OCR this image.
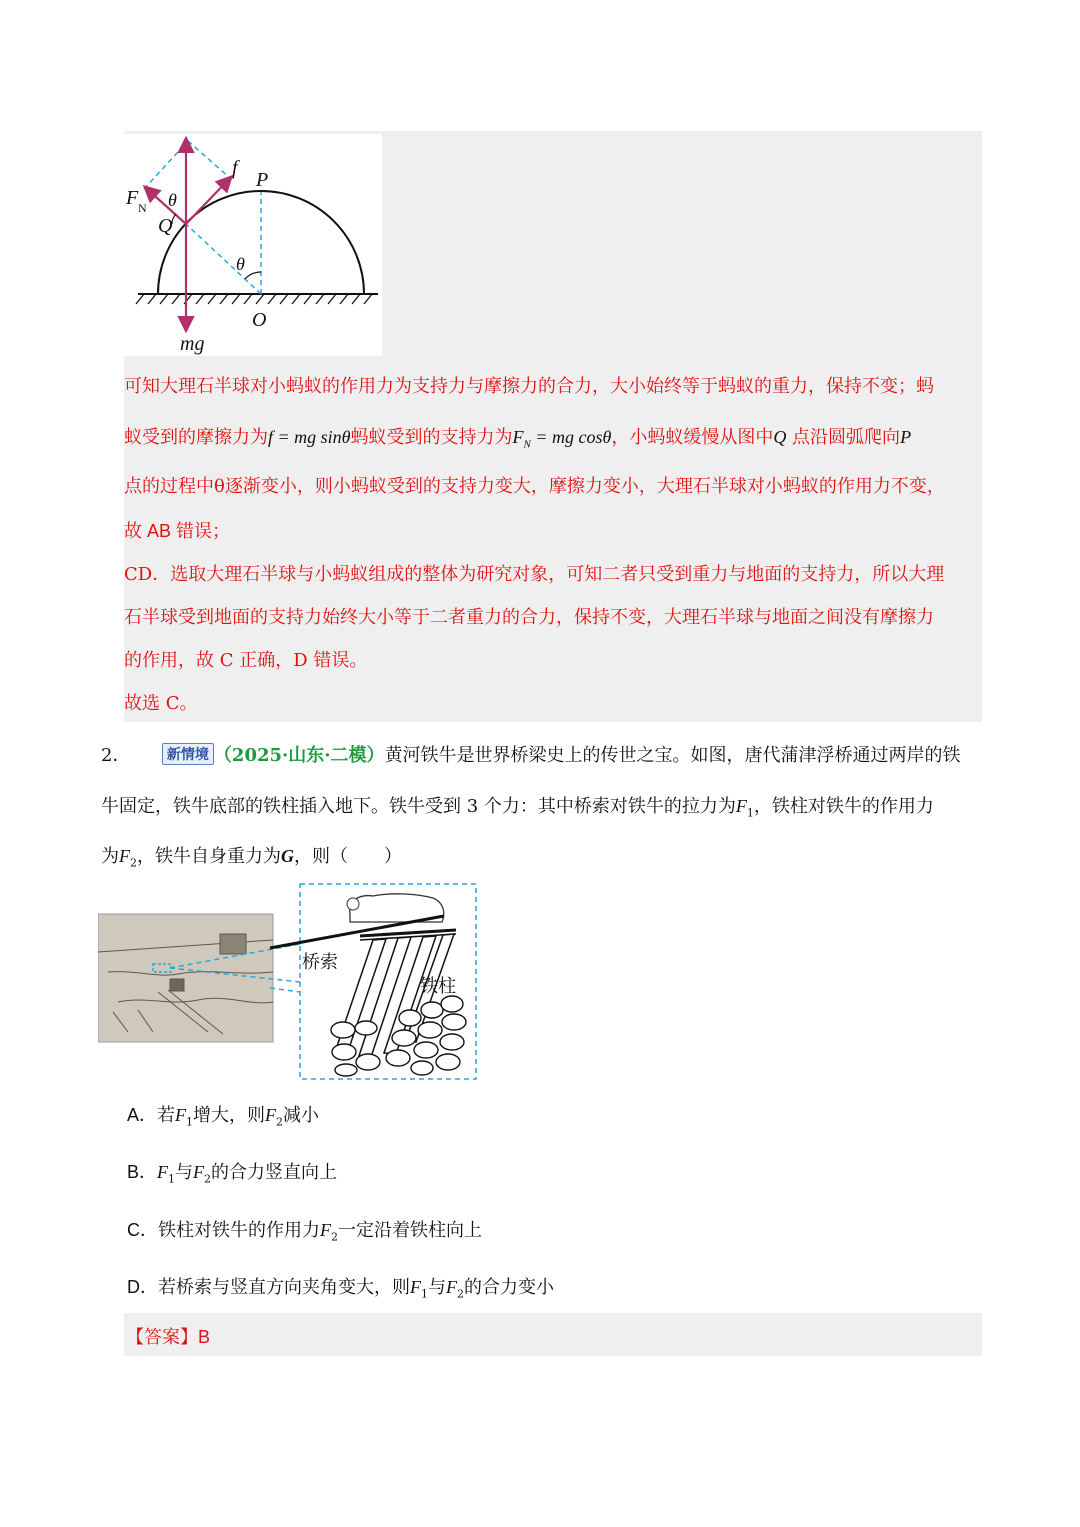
F N θ
f
P
Q
θ
O
mg
可知大理石半球对小蚂蚁的作用力为支持力与摩擦力的合力，大小始终等于蚂蚁的重力，保持不变；蚂
蚁受到的摩擦力为f = mg sinθ蚂蚁受到的支持力为$F_N$ = mg cosθ，小蚂蚁缓慢从图中Q 点沿圆弧爬向P
点的过程中θ逐渐变小，则小蚂蚁受到的支持力变大，摩擦力变小，大理石半球对小蚂蚁的作用力不变，
故 AB 错误；
CD．选取大理石半球与小蚂蚁组成的整体为研究对象，可知二者只受到重力与地面的支持力，所以大理
石半球受到地面的支持力始终大小等于二者重力的合力，保持不变，大理石半球与地面之间没有摩擦力
的作用，故 C 正确，D 错误。
故选 C。
2．	新情境 （2025·山东·二模）黄河铁牛是世界桥梁史上的传世之宝。如图，唐代蒲津浮桥通过两岸的铁
牛固定，铁牛底部的铁柱插入地下。铁牛受到 3 个力：其中桥索对铁牛的拉力为$F_1$，铁柱对铁牛的作用力
为$F_2$，铁牛自身重力为G，则（　　）
桥索
铁柱
A．若$F_1$增大，则$F_2$减小
B．$F_1$与$F_2$的合力竖直向上
C．铁柱对铁牛的作用力$F_2$一定沿着铁柱向上
D．若桥索与竖直方向夹角变大，则$F_1$与$F_2$的合力变小
【答案】B
